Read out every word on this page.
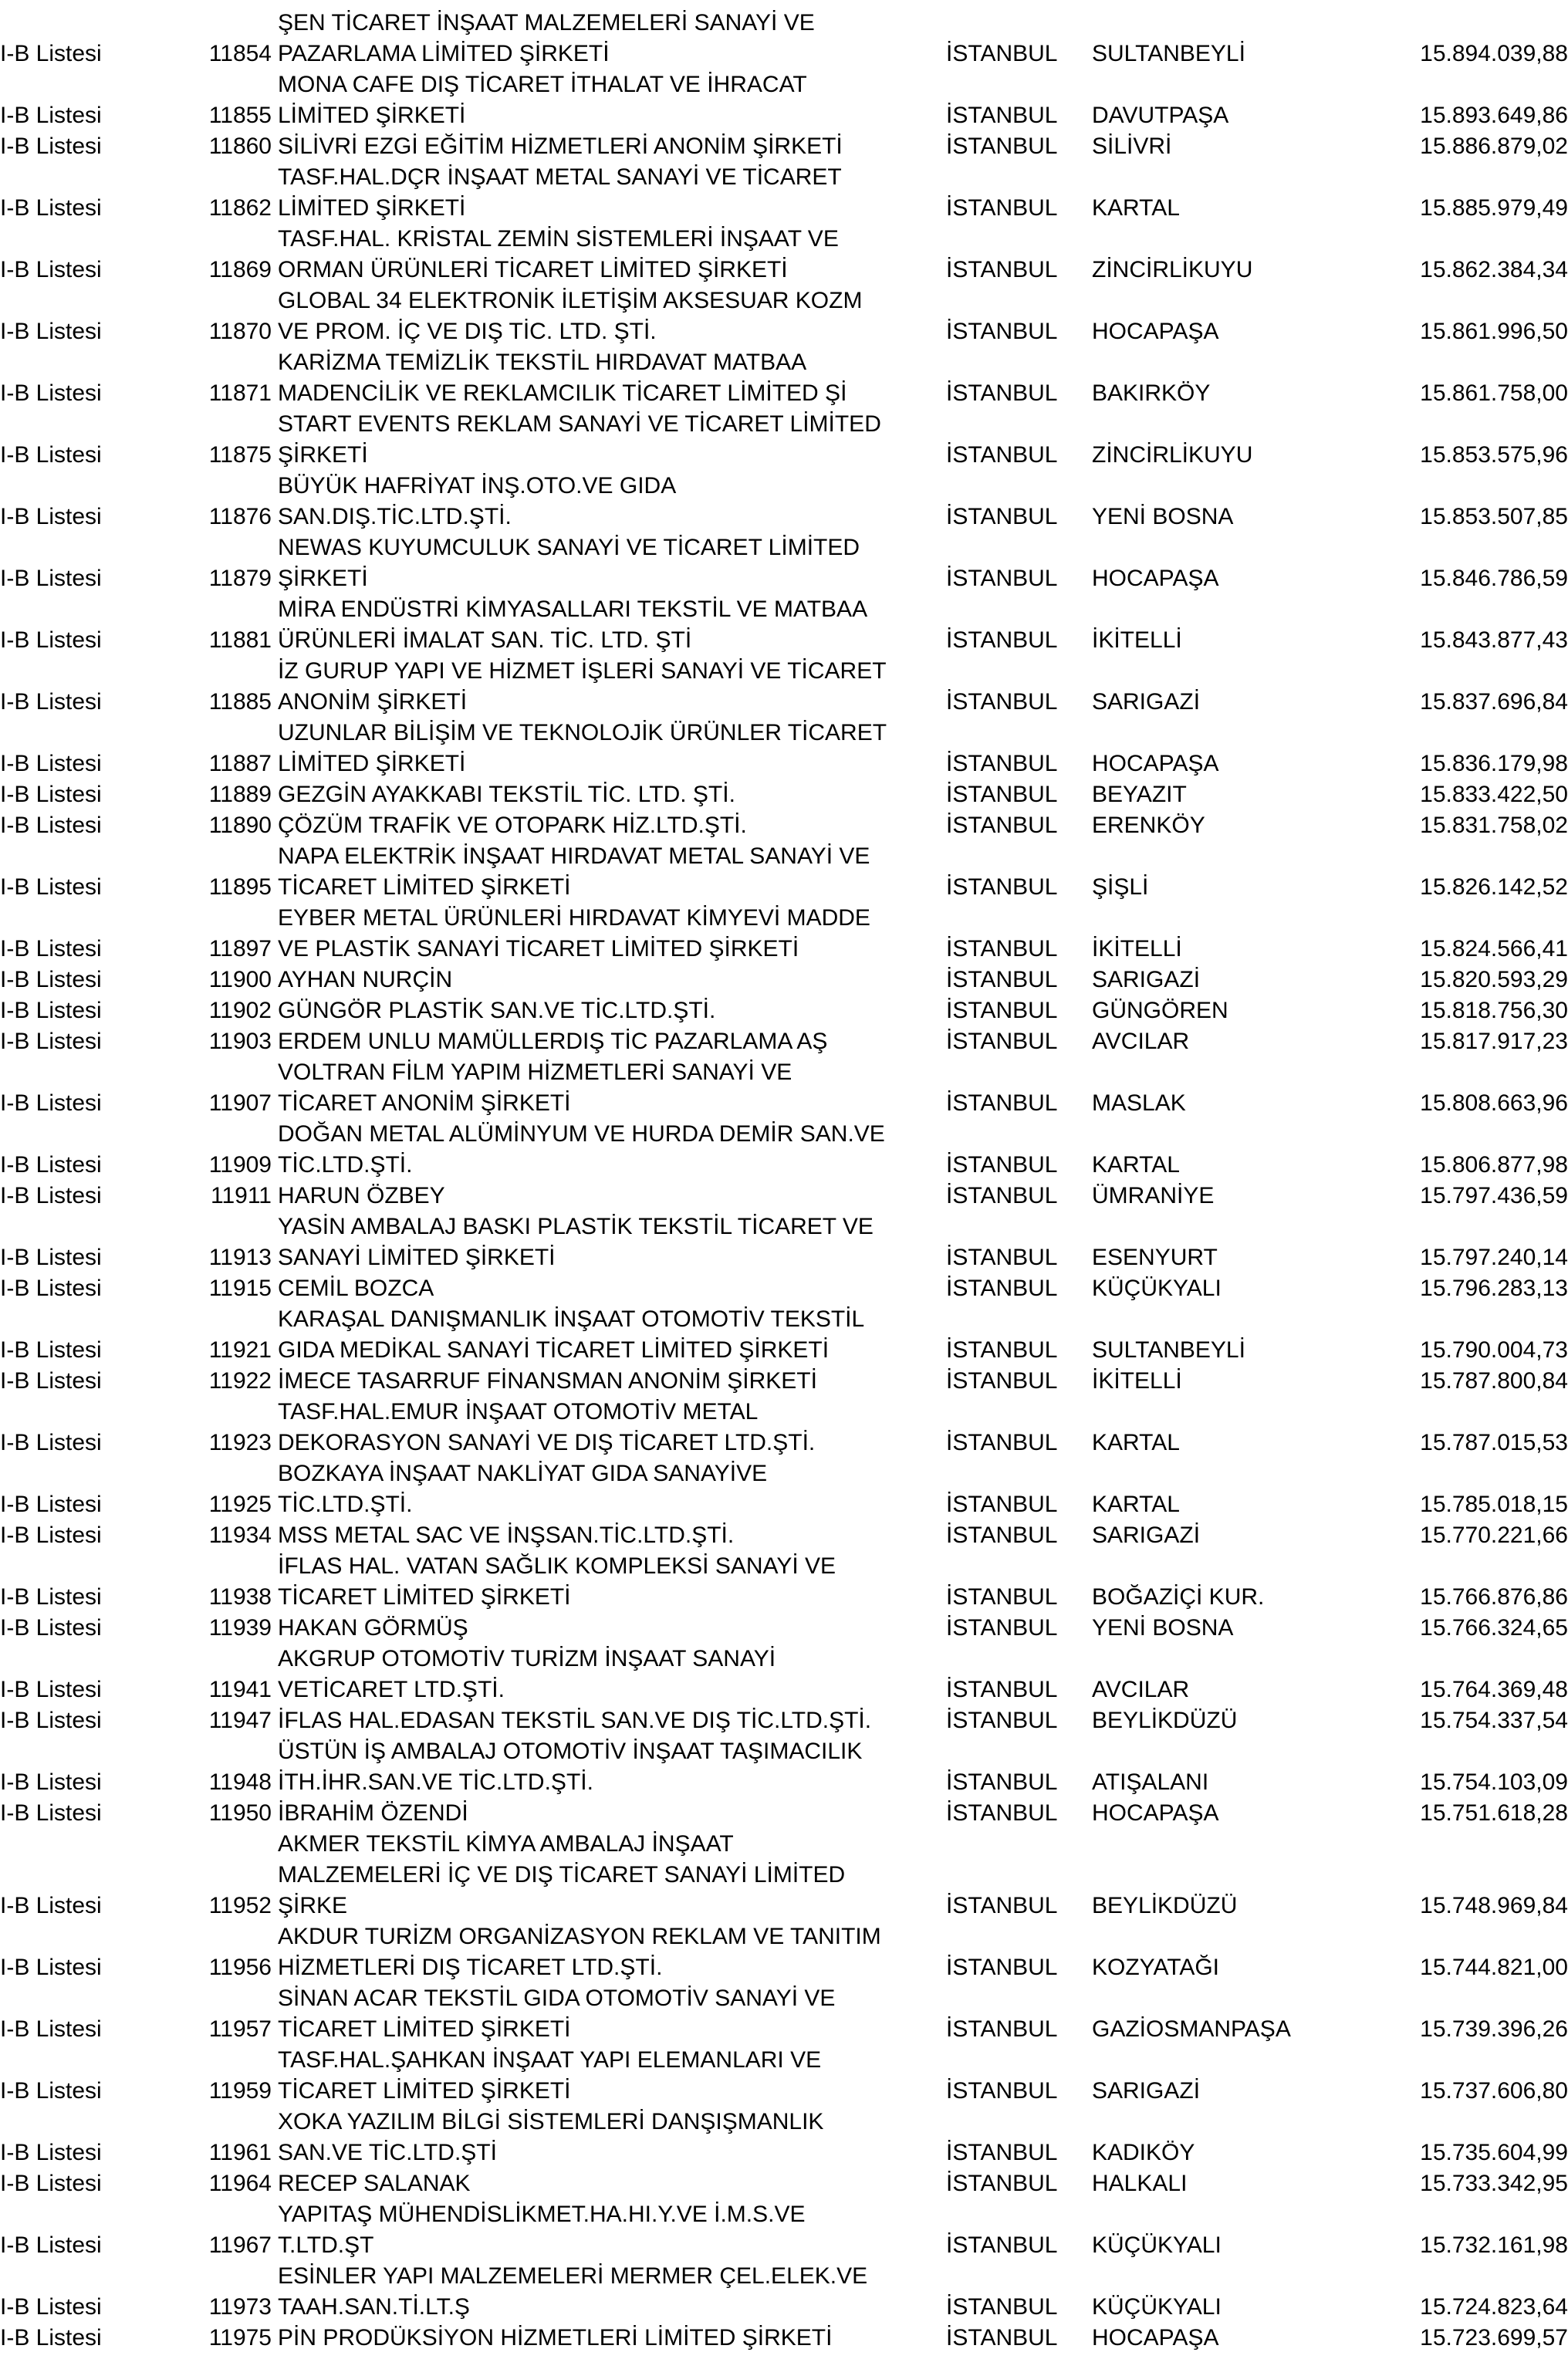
ŞEN TİCARET İNŞAAT MALZEMELERİ SANAYİ VE
I-B Listesi	11854 PAZARLAMA LİMİTED ŞİRKETİ	İSTANBUL SULTANBEYLİ	15.894.039,88
MONA CAFE DIŞ TİCARET İTHALAT VE İHRACAT
I-B Listesi	11855 LİMİTED ŞİRKETİ	İSTANBUL DAVUTPAŞA	15.893.649,86
I-B Listesi	11860 SİLİVRİ EZGİ EĞİTİM HİZMETLERİ ANONİM ŞİRKETİ	İSTANBUL SİLİVRİ	15.886.879,02
TASF.HAL.DÇR İNŞAAT METAL SANAYİ VE TİCARET
I-B Listesi	11862 LİMİTED ŞİRKETİ	İSTANBUL KARTAL	15.885.979,49
TASF.HAL. KRİSTAL ZEMİN SİSTEMLERİ İNŞAAT VE
I-B Listesi	11869 ORMAN ÜRÜNLERİ TİCARET LİMİTED ŞİRKETİ	İSTANBUL ZİNCİRLİKUYU	15.862.384,34
GLOBAL 34 ELEKTRONİK İLETİŞİM AKSESUAR KOZM
I-B Listesi	11870 VE PROM. İÇ VE DIŞ TİC. LTD. ŞTİ.	İSTANBUL HOCAPAŞA	15.861.996,50
KARİZMA TEMİZLİK TEKSTİL HIRDAVAT MATBAA
I-B Listesi	11871 MADENCİLİK VE REKLAMCILIK TİCARET LİMİTED Şİ	İSTANBUL BAKIRKÖY	15.861.758,00
START EVENTS REKLAM SANAYİ VE TİCARET LİMİTED
I-B Listesi	11875 ŞİRKETİ	İSTANBUL ZİNCİRLİKUYU	15.853.575,96
BÜYÜK HAFRİYAT İNŞ.OTO.VE GIDA
I-B Listesi	11876 SAN.DIŞ.TİC.LTD.ŞTİ.	İSTANBUL YENİ BOSNA	15.853.507,85
NEWAS KUYUMCULUK SANAYİ VE TİCARET LİMİTED
I-B Listesi	11879 ŞİRKETİ	İSTANBUL HOCAPAŞA	15.846.786,59
MİRA ENDÜSTRİ KİMYASALLARI TEKSTİL VE MATBAA
I-B Listesi	11881 ÜRÜNLERİ İMALAT SAN. TİC. LTD. ŞTİ	İSTANBUL İKİTELLİ	15.843.877,43
İZ GURUP YAPI VE HİZMET İŞLERİ SANAYİ VE TİCARET
I-B Listesi	11885 ANONİM ŞİRKETİ	İSTANBUL SARIGAZİ	15.837.696,84
UZUNLAR BİLİŞİM VE TEKNOLOJİK ÜRÜNLER TİCARET
I-B Listesi	11887 LİMİTED ŞİRKETİ	İSTANBUL HOCAPAŞA	15.836.179,98
I-B Listesi	11889 GEZGİN AYAKKABI TEKSTİL TİC. LTD. ŞTİ.	İSTANBUL BEYAZIT	15.833.422,50
I-B Listesi	11890 ÇÖZÜM TRAFİK VE OTOPARK HİZ.LTD.ŞTİ.	İSTANBUL ERENKÖY	15.831.758,02
NAPA ELEKTRİK İNŞAAT HIRDAVAT METAL SANAYİ VE
I-B Listesi	11895 TİCARET LİMİTED ŞİRKETİ	İSTANBUL ŞİŞLİ	15.826.142,52
EYBER METAL ÜRÜNLERİ HIRDAVAT KİMYEVİ MADDE
I-B Listesi	11897 VE PLASTİK SANAYİ TİCARET LİMİTED ŞİRKETİ	İSTANBUL İKİTELLİ	15.824.566,41
I-B Listesi	11900 AYHAN NURÇİN	İSTANBUL SARIGAZİ	15.820.593,29
I-B Listesi	11902 GÜNGÖR PLASTİK SAN.VE TİC.LTD.ŞTİ.	İSTANBUL GÜNGÖREN	15.818.756,30
I-B Listesi	11903 ERDEM UNLU MAMÜLLERDIŞ TİC PAZARLAMA AŞ	İSTANBUL AVCILAR	15.817.917,23
VOLTRAN FİLM YAPIM HİZMETLERİ SANAYİ VE
I-B Listesi	11907 TİCARET ANONİM ŞİRKETİ	İSTANBUL MASLAK	15.808.663,96
DOĞAN METAL ALÜMİNYUM VE HURDA DEMİR SAN.VE
I-B Listesi	11909 TİC.LTD.ŞTİ.	İSTANBUL KARTAL	15.806.877,98
I-B Listesi	11911 HARUN ÖZBEY	İSTANBUL ÜMRANİYE	15.797.436,59
YASİN AMBALAJ BASKI PLASTİK TEKSTİL TİCARET VE
I-B Listesi	11913 SANAYİ LİMİTED ŞİRKETİ	İSTANBUL ESENYURT	15.797.240,14
I-B Listesi	11915 CEMİL BOZCA	İSTANBUL KÜÇÜKYALI	15.796.283,13
KARAŞAL DANIŞMANLIK İNŞAAT OTOMOTİV TEKSTİL
I-B Listesi	11921 GIDA MEDİKAL SANAYİ TİCARET LİMİTED ŞİRKETİ	İSTANBUL SULTANBEYLİ	15.790.004,73
I-B Listesi	11922 İMECE TASARRUF FİNANSMAN ANONİM ŞİRKETİ	İSTANBUL İKİTELLİ	15.787.800,84
TASF.HAL.EMUR İNŞAAT OTOMOTİV METAL
I-B Listesi	11923 DEKORASYON SANAYİ VE DIŞ TİCARET LTD.ŞTİ.	İSTANBUL KARTAL	15.787.015,53
BOZKAYA İNŞAAT NAKLİYAT GIDA SANAYİVE
I-B Listesi	11925 TİC.LTD.ŞTİ.	İSTANBUL KARTAL	15.785.018,15
I-B Listesi	11934 MSS METAL SAC VE İNŞSAN.TİC.LTD.ŞTİ.	İSTANBUL SARIGAZİ	15.770.221,66
İFLAS HAL. VATAN SAĞLIK KOMPLEKSİ SANAYİ VE
I-B Listesi	11938 TİCARET LİMİTED ŞİRKETİ	İSTANBUL BOĞAZİÇİ KUR.	15.766.876,86
I-B Listesi	11939 HAKAN GÖRMÜŞ	İSTANBUL YENİ BOSNA	15.766.324,65
AKGRUP OTOMOTİV TURİZM İNŞAAT SANAYİ
I-B Listesi	11941 VETİCARET LTD.ŞTİ.	İSTANBUL AVCILAR	15.764.369,48
I-B Listesi	11947 İFLAS HAL.EDASAN TEKSTİL SAN.VE DIŞ TİC.LTD.ŞTİ.	İSTANBUL BEYLİKDÜZÜ	15.754.337,54
ÜSTÜN İŞ AMBALAJ OTOMOTİV İNŞAAT TAŞIMACILIK
I-B Listesi	11948 İTH.İHR.SAN.VE TİC.LTD.ŞTİ.	İSTANBUL ATIŞALANI	15.754.103,09
I-B Listesi	11950 İBRAHİM ÖZENDİ	İSTANBUL HOCAPAŞA	15.751.618,28
AKMER TEKSTİL KİMYA AMBALAJ İNŞAAT
MALZEMELERİ İÇ VE DIŞ TİCARET SANAYİ LİMİTED
I-B Listesi	11952 ŞİRKE	İSTANBUL BEYLİKDÜZÜ	15.748.969,84
AKDUR TURİZM ORGANİZASYON REKLAM VE TANITIM
I-B Listesi	11956 HİZMETLERİ DIŞ TİCARET LTD.ŞTİ.	İSTANBUL KOZYATAĞI	15.744.821,00
SİNAN ACAR TEKSTİL GIDA OTOMOTİV SANAYİ VE
I-B Listesi	11957 TİCARET LİMİTED ŞİRKETİ	İSTANBUL GAZİOSMANPAŞA	15.739.396,26
TASF.HAL.ŞAHKAN İNŞAAT YAPI ELEMANLARI VE
I-B Listesi	11959 TİCARET LİMİTED ŞİRKETİ	İSTANBUL SARIGAZİ	15.737.606,80
XOKA YAZILIM BİLGİ SİSTEMLERİ DANŞIŞMANLIK
I-B Listesi	11961 SAN.VE TİC.LTD.ŞTİ	İSTANBUL KADIKÖY	15.735.604,99
I-B Listesi	11964 RECEP SALANAK	İSTANBUL HALKALI	15.733.342,95
YAPITAŞ MÜHENDİSLİKMET.HA.HI.Y.VE İ.M.S.VE
I-B Listesi	11967 T.LTD.ŞT	İSTANBUL KÜÇÜKYALI	15.732.161,98
ESİNLER YAPI MALZEMELERİ MERMER ÇEL.ELEK.VE
I-B Listesi	11973 TAAH.SAN.Tİ.LT.Ş	İSTANBUL KÜÇÜKYALI	15.724.823,64
I-B Listesi	11975 PİN PRODÜKSİYON HİZMETLERİ LİMİTED ŞİRKETİ	İSTANBUL HOCAPAŞA	15.723.699,57
